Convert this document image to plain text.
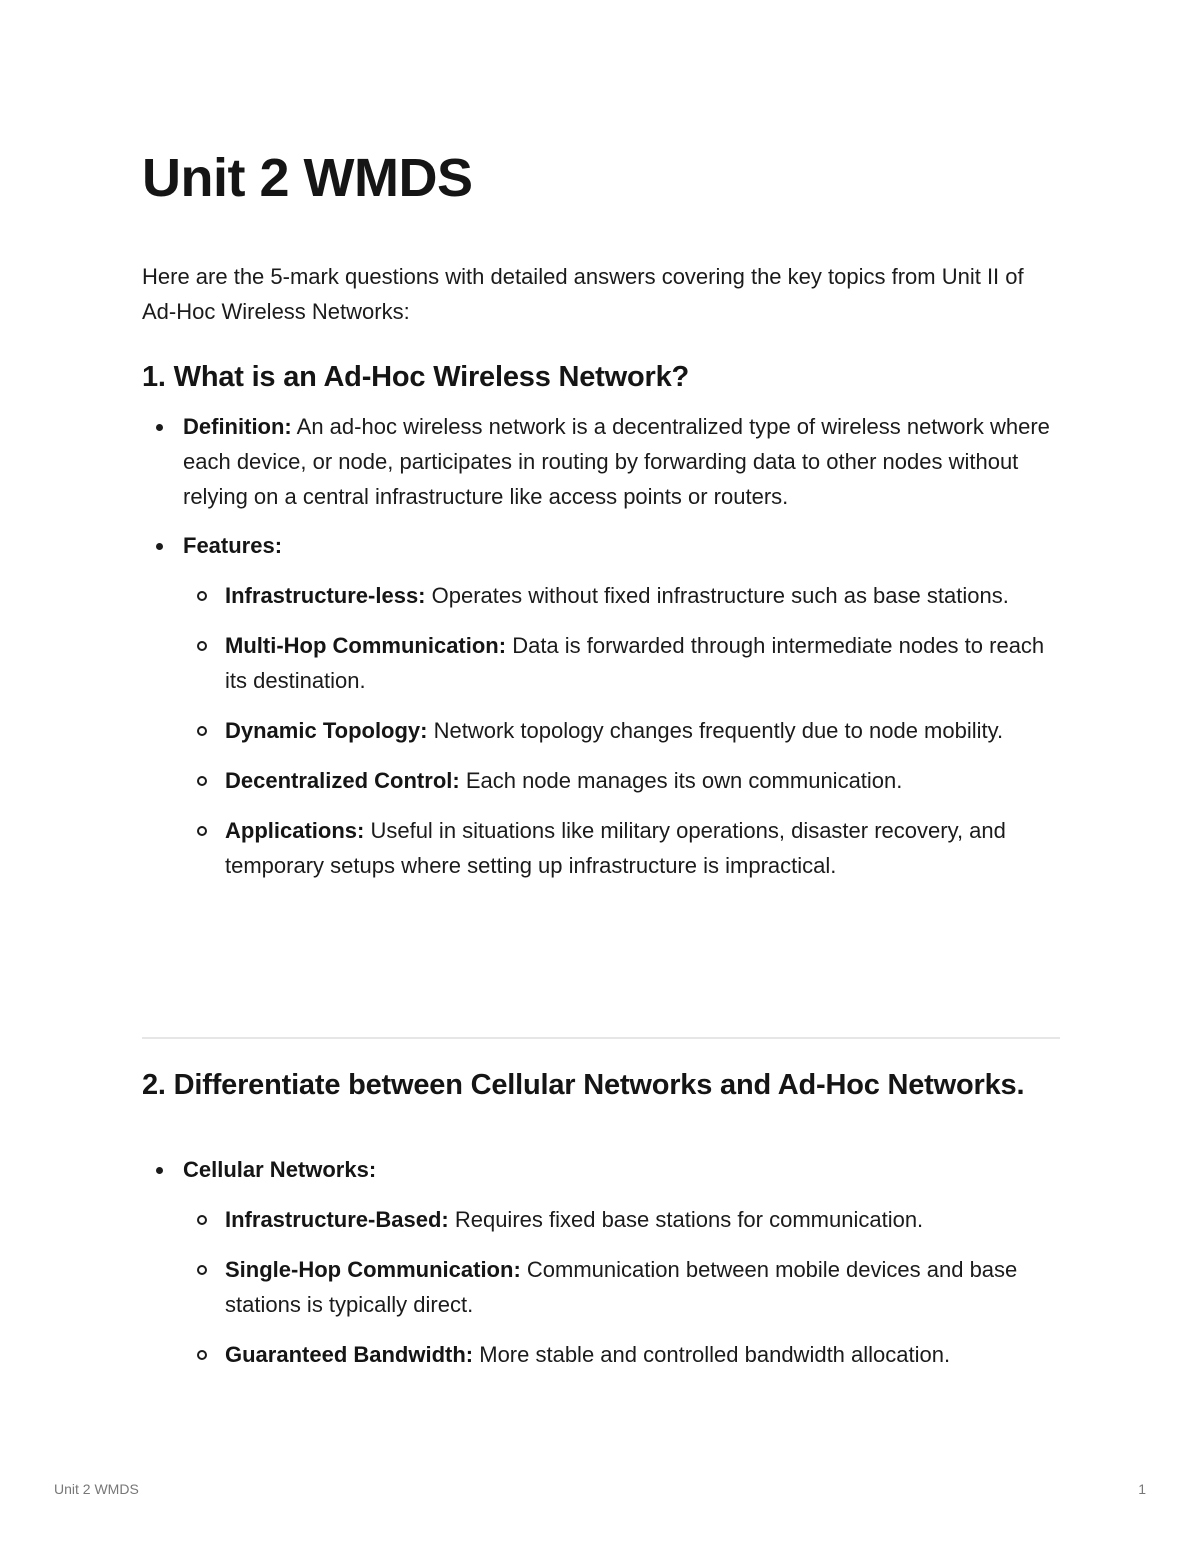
Unit 2 WMDS

Here are the 5-mark questions with detailed answers covering the key topics from Unit II of Ad-Hoc Wireless Networks:

1. What is an Ad-Hoc Wireless Network?
Definition: An ad-hoc wireless network is a decentralized type of wireless network where each device, or node, participates in routing by forwarding data to other nodes without relying on a central infrastructure like access points or routers.
Features:
Infrastructure-less: Operates without fixed infrastructure such as base stations.
Multi-Hop Communication: Data is forwarded through intermediate nodes to reach its destination.
Dynamic Topology: Network topology changes frequently due to node mobility.
Decentralized Control: Each node manages its own communication.
Applications: Useful in situations like military operations, disaster recovery, and temporary setups where setting up infrastructure is impractical.
2. Differentiate between Cellular Networks and Ad-Hoc Networks.
Cellular Networks:
Infrastructure-Based: Requires fixed base stations for communication.
Single-Hop Communication: Communication between mobile devices and base stations is typically direct.
Guaranteed Bandwidth: More stable and controlled bandwidth allocation.
Unit 2 WMDS	1
